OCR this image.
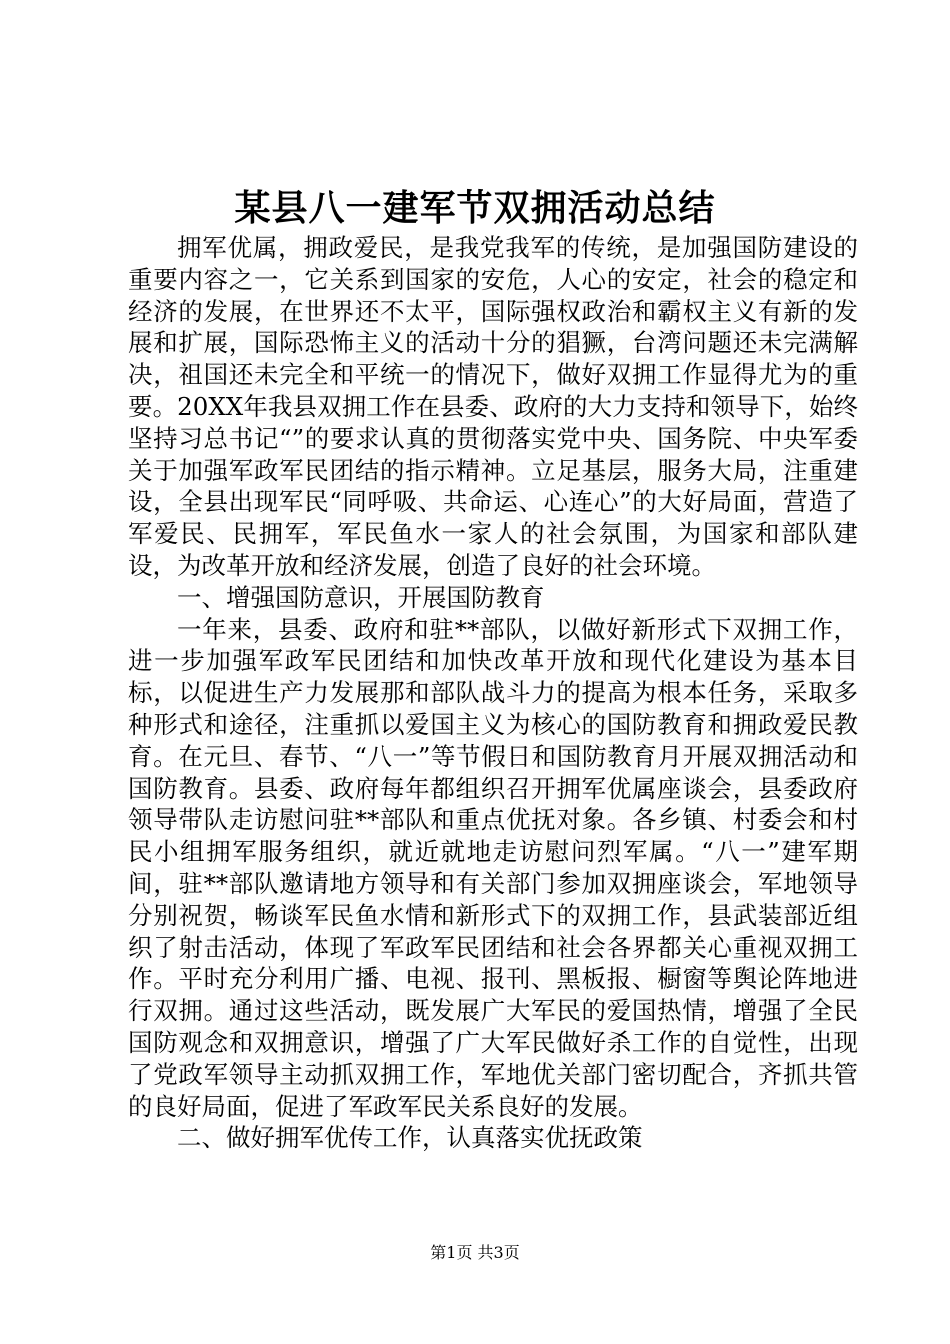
某县八一建军节双拥活动总结

拥军优属，拥政爱民，是我党我军的传统，是加强国防建设的重要内容之一，它关系到国家的安危，人心的安定，社会的稳定和经济的发展，在世界还不太平，国际强权政治和霸权主义有新的发展和扩展，国际恐怖主义的活动十分的猖獗，台湾问题还未完满解决，祖国还未完全和平统一的情况下，做好双拥工作显得尤为的重要。20XX年我县双拥工作在县委、政府的大力支持和领导下，始终坚持习总书记“”的要求认真的贯彻落实党中央、国务院、中央军委关于加强军政军民团结的指示精神。立足基层，服务大局，注重建设，全县出现军民“同呼吸、共命运、心连心”的大好局面，营造了军爱民、民拥军，军民鱼水一家人的社会氛围，为国家和部队建设，为改革开放和经济发展，创造了良好的社会环境。

一、增强国防意识，开展国防教育

一年来，县委、政府和驻**部队，以做好新形式下双拥工作，进一步加强军政军民团结和加快改革开放和现代化建设为基本目标，以促进生产力发展那和部队战斗力的提高为根本任务，采取多种形式和途径，注重抓以爱国主义为核心的国防教育和拥政爱民教育。在元旦、春节、“八一”等节假日和国防教育月开展双拥活动和国防教育。县委、政府每年都组织召开拥军优属座谈会，县委政府领导带队走访慰问驻**部队和重点优抚对象。各乡镇、村委会和村民小组拥军服务组织，就近就地走访慰问烈军属。“八一”建军期间，驻**部队邀请地方领导和有关部门参加双拥座谈会，军地领导分别祝贺，畅谈军民鱼水情和新形式下的双拥工作，县武装部近组织了射击活动，体现了军政军民团结和社会各界都关心重视双拥工作。平时充分利用广播、电视、报刊、黑板报、橱窗等舆论阵地进行双拥。通过这些活动，既发展广大军民的爱国热情，增强了全民国防观念和双拥意识，增强了广大军民做好杀工作的自觉性，出现了党政军领导主动抓双拥工作，军地优关部门密切配合，齐抓共管的良好局面，促进了军政军民关系良好的发展。

二、做好拥军优传工作，认真落实优抚政策

第1页 共3页
